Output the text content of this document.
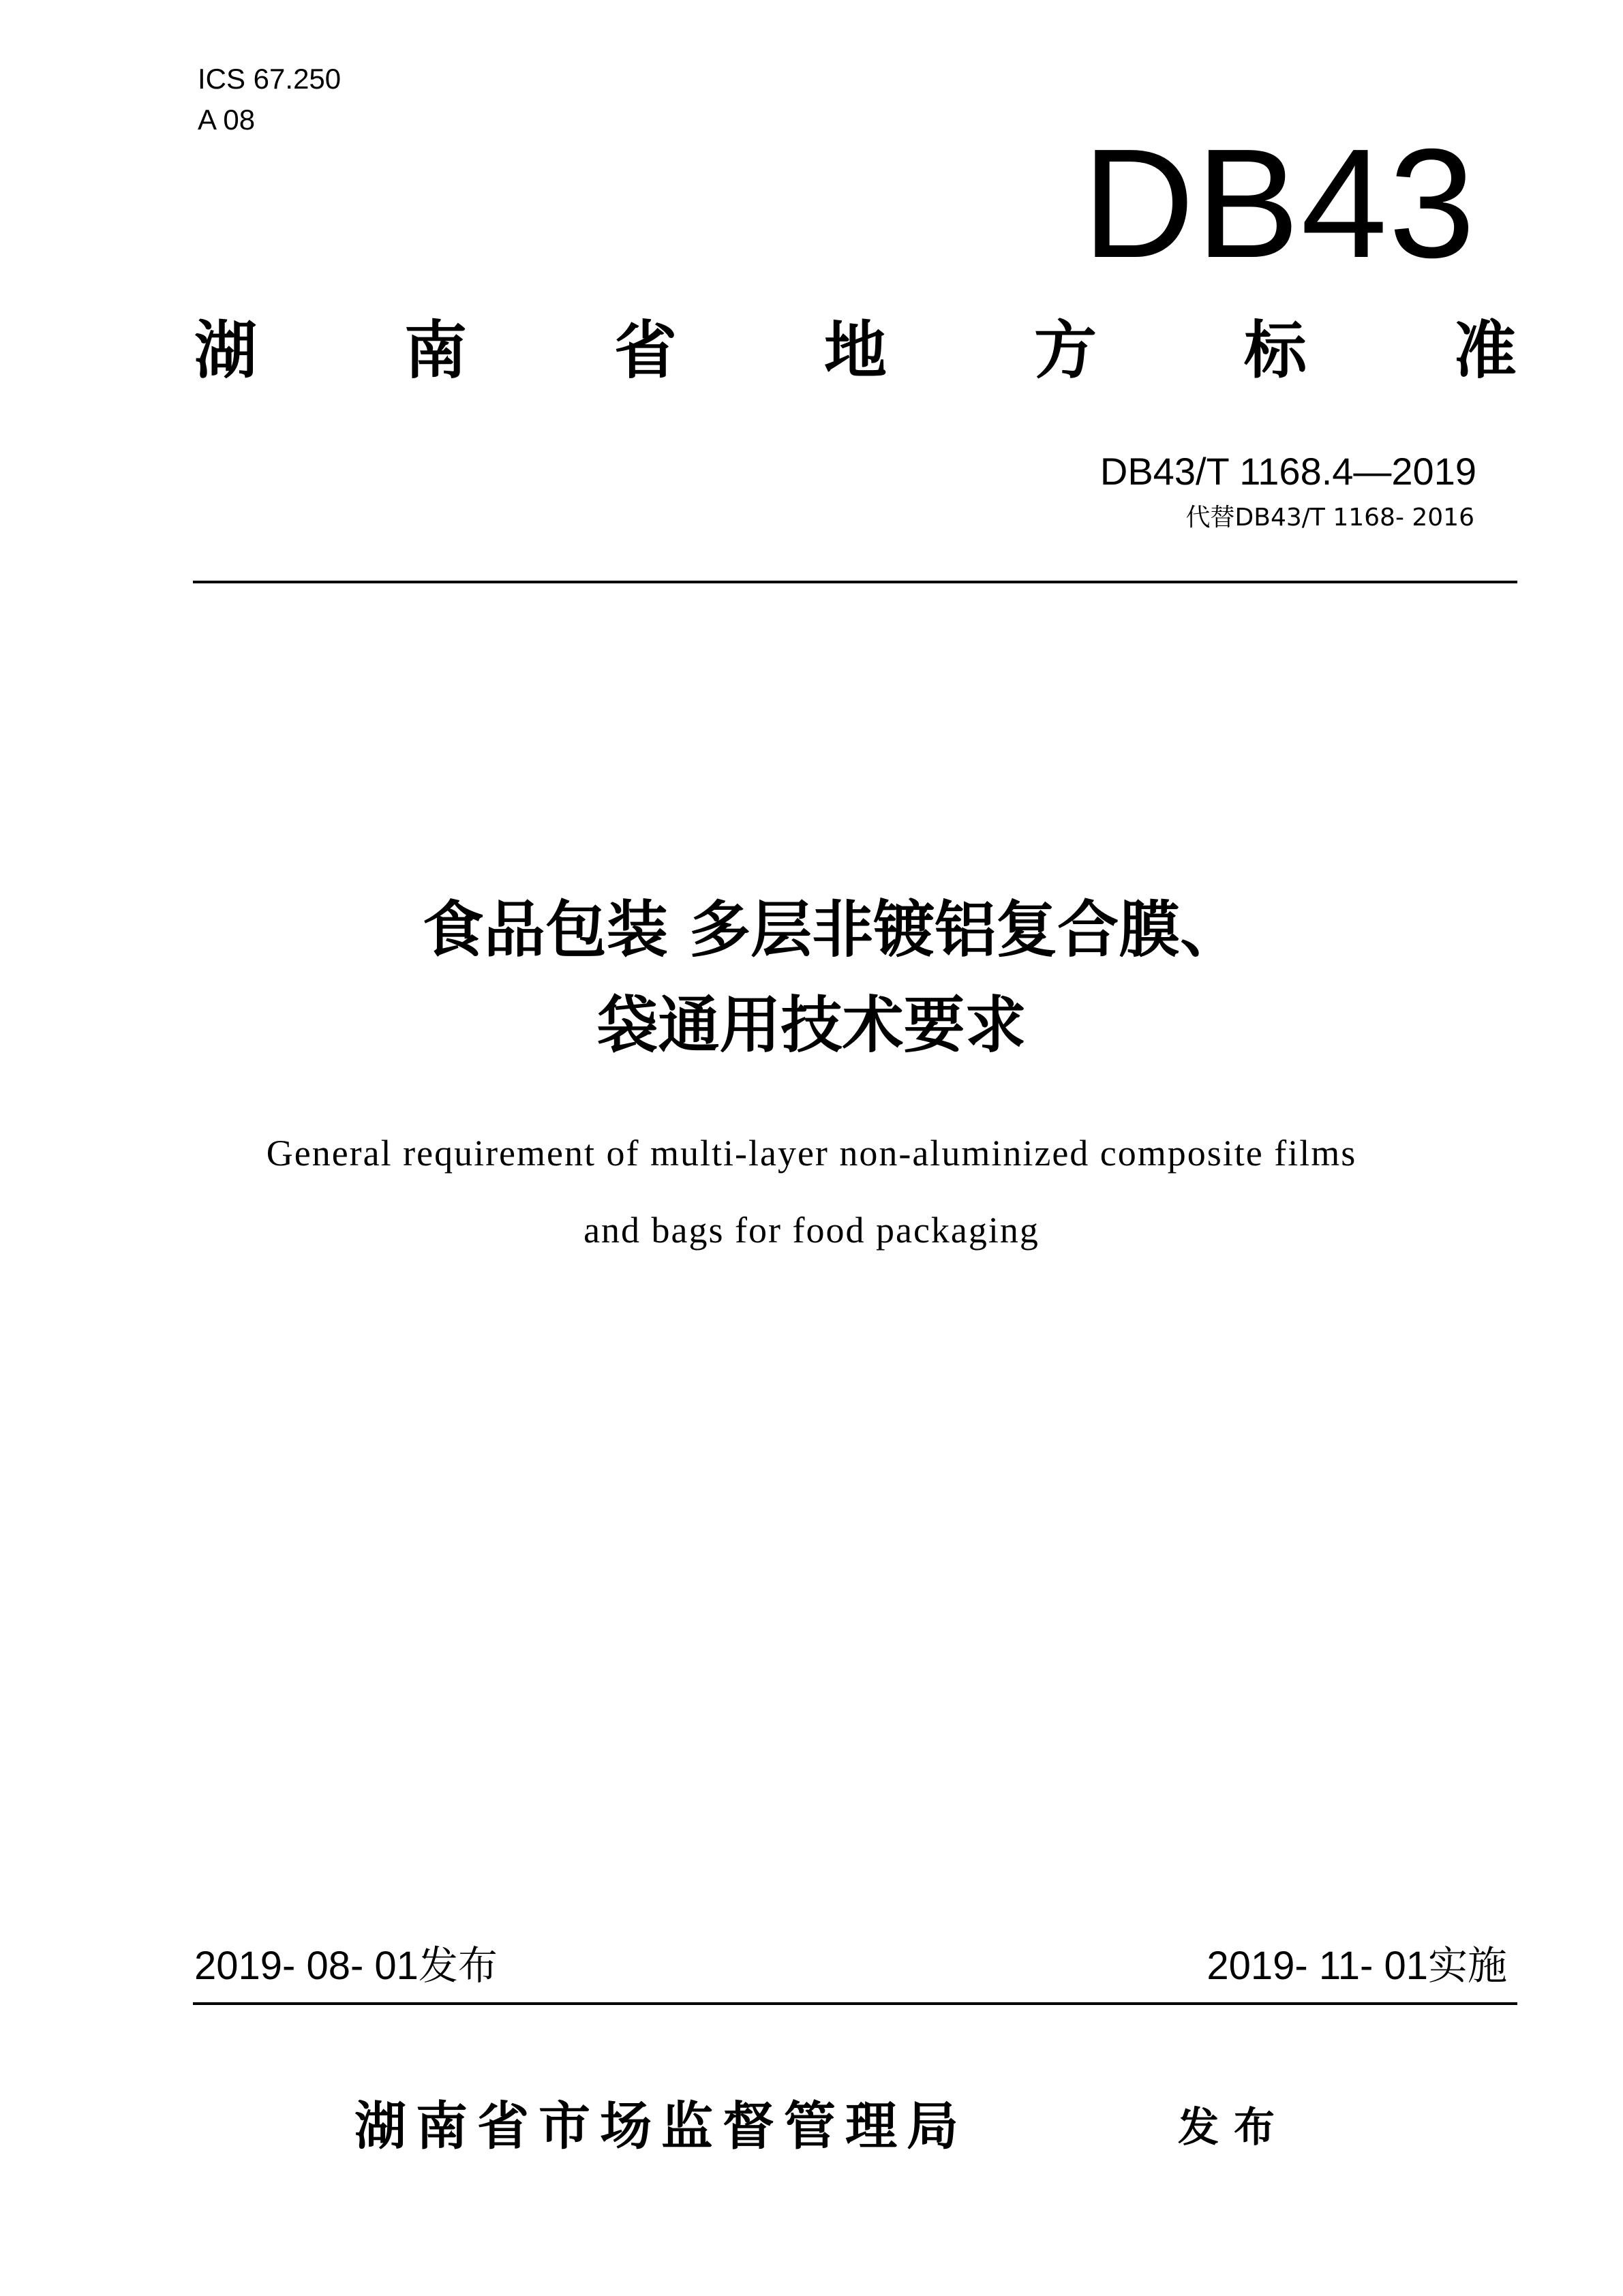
ICS 67.250
A 08	DB43
湖 南 省 地 方 标 准
DB43/T 1168.4—2019
代替DB43/T 1168- 2016
食品包装 多层非镀铝复合膜、
袋通用技术要求
General requirement of multi-layer non-aluminized composite films
and bags for food packaging
2019- 08- 01发布	2019- 11- 01实施
湖南省市场监督管理局	发布
